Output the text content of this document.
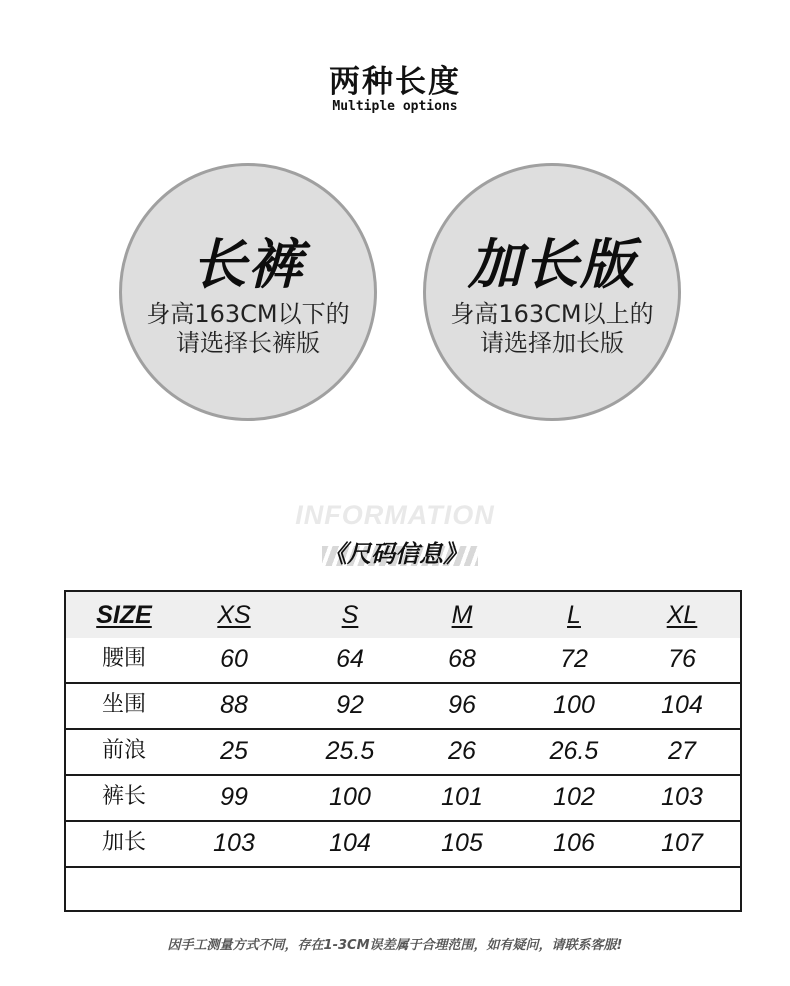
两种长度
Multiple options
长裤
身高163CM以下的
请选择长裤版
加长版
身高163CM以上的
请选择加长版
INFORMATION
《尺码信息》
SIZE	XS	S	M	L	XL
腰围	60	64	68	72	76
坐围	88	92	96	100	104
前浪	25	25.5	26	26.5	27
裤长	99	100	101	102	103
加长	103	104	105	106	107
因手工测量方式不同，存在1-3CM误差属于合理范围，如有疑问，请联系客服!
